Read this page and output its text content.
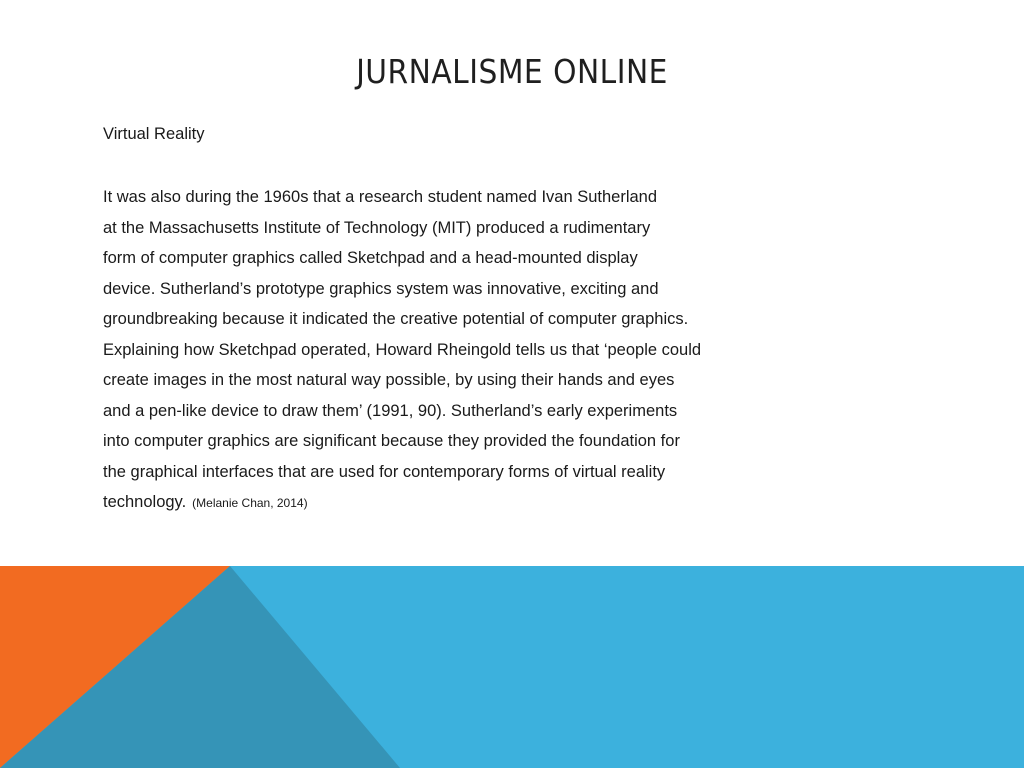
JURNALISME ONLINE
Virtual Reality
It was also during the 1960s that a research student named Ivan Sutherland
at the Massachusetts Institute of Technology (MIT) produced a rudimentary
form of computer graphics called Sketchpad and a head-mounted display
device. Sutherland’s prototype graphics system was innovative, exciting and
groundbreaking because it indicated the creative potential of computer graphics.
Explaining how Sketchpad operated, Howard Rheingold tells us that ‘people could
create images in the most natural way possible, by using their hands and eyes
and a pen-like device to draw them’ (1991, 90). Sutherland’s early experiments
into computer graphics are significant because they provided the foundation for
the graphical interfaces that are used for contemporary forms of virtual reality
technology. (Melanie Chan, 2014)
